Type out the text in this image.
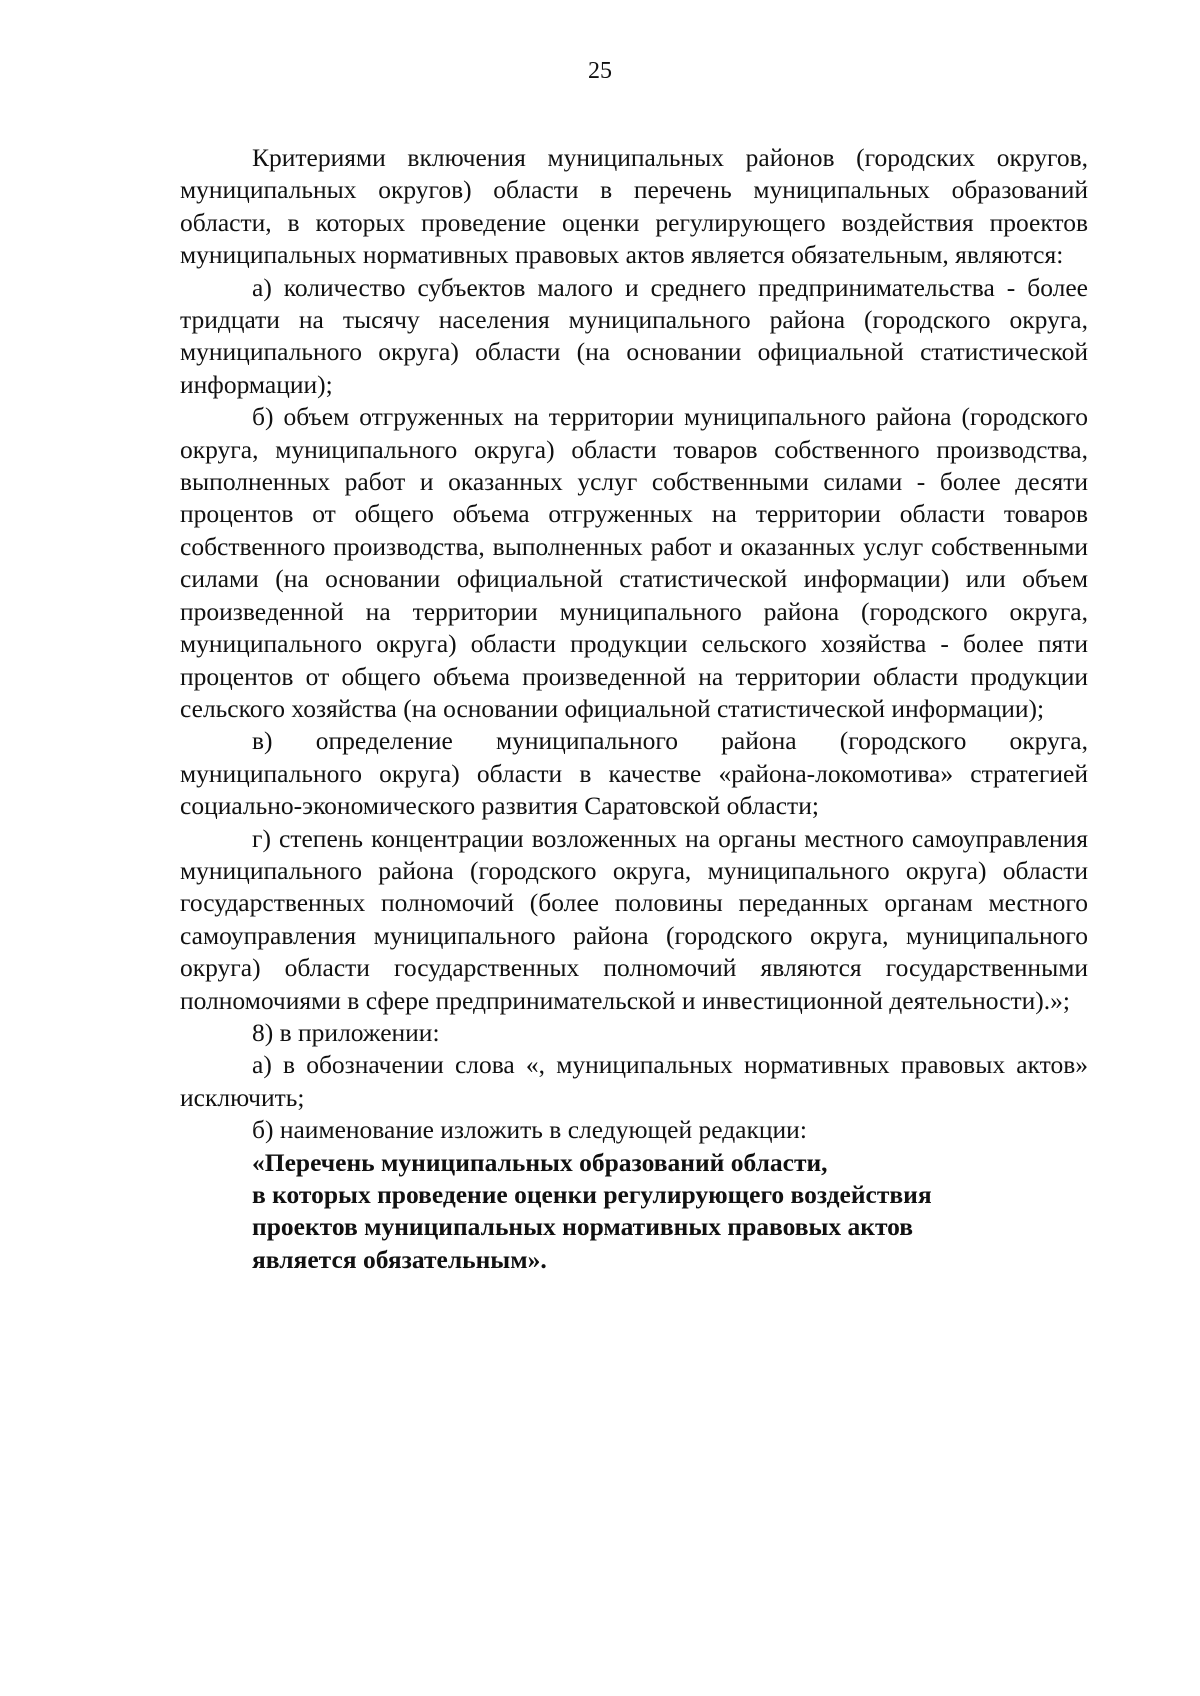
25

Критериями включения муниципальных районов (городских округов, муниципальных округов) области в перечень муниципальных образований области, в которых проведение оценки регулирующего воздействия проектов муниципальных нормативных правовых актов является обязательным, являются:

а) количество субъектов малого и среднего предпринимательства - более тридцати на тысячу населения муниципального района (городского округа, муниципального округа) области (на основании официальной статистической информации);

б) объем отгруженных на территории муниципального района (городского округа, муниципального округа) области товаров собственного производства, выполненных работ и оказанных услуг собственными силами - более десяти процентов от общего объема отгруженных на территории области товаров собственного производства, выполненных работ и оказанных услуг собственными силами (на основании официальной статистической информации) или объем произведенной на территории муниципального района (городского округа, муниципального округа) области продукции сельского хозяйства - более пяти процентов от общего объема произведенной на территории области продукции сельского хозяйства (на основании официальной статистической информации);

в) определение муниципального района (городского округа, муниципального округа) области в качестве «района-локомотива» стратегией социально-экономического развития Саратовской области;

г) степень концентрации возложенных на органы местного самоуправления муниципального района (городского округа, муниципального округа) области государственных полномочий (более половины переданных органам местного самоуправления муниципального района (городского округа, муниципального округа) области государственных полномочий являются государственными полномочиями в сфере предпринимательской и инвестиционной деятельности).»;

8) в приложении:

а) в обозначении слова «, муниципальных нормативных правовых актов» исключить;

б) наименование изложить в следующей редакции:

«Перечень муниципальных образований области,

в которых проведение оценки регулирующего воздействия

проектов муниципальных нормативных правовых актов

является обязательным».
